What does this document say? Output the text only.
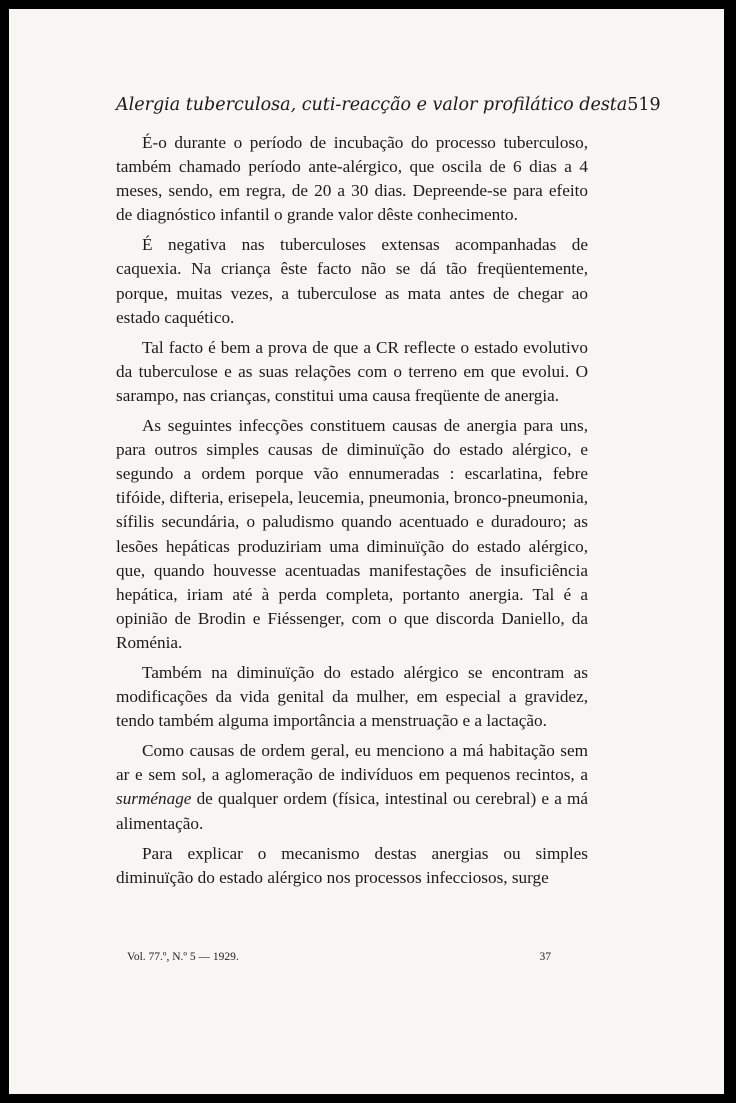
Alergia tuberculosa, cuti-reacção e valor profilático desta 519

É-o durante o período de incubação do processo tuberculoso, também chamado período ante-alérgico, que oscila de 6 dias a 4 meses, sendo, em regra, de 20 a 30 dias. Depreende-se para efeito de diagnóstico infantil o grande valor dêste conhecimento.

É negativa nas tuberculoses extensas acompanhadas de caquexia. Na criança êste facto não se dá tão freqüentemente, porque, muitas vezes, a tuberculose as mata antes de chegar ao estado caquético.

Tal facto é bem a prova de que a CR reflecte o estado evolutivo da tuberculose e as suas relações com o terreno em que evolui. O sarampo, nas crianças, constitui uma causa freqüente de anergia.

As seguintes infecções constituem causas de anergia para uns, para outros simples causas de diminuïção do estado alérgico, e segundo a ordem porque vão ennumeradas : escarlatina, febre tifóide, difteria, erisepela, leucemia, pneumonia, bronco-pneumonia, sífilis secundária, o paludismo quando acentuado e duradouro; as lesões hepáticas produziriam uma diminuïção do estado alérgico, que, quando houvesse acentuadas manifestações de insuficiência hepática, iriam até à perda completa, portanto anergia. Tal é a opinião de Brodin e Fiéssenger, com o que discorda Daniello, da Roménia.

Também na diminuïção do estado alérgico se encontram as modificações da vida genital da mulher, em especial a gravidez, tendo também alguma importância a menstruação e a lactação.

Como causas de ordem geral, eu menciono a má habitação sem ar e sem sol, a aglomeração de indivíduos em pequenos recintos, a surménage de qualquer ordem (física, intestinal ou cerebral) e a má alimentação.

Para explicar o mecanismo destas anergias ou simples diminuïção do estado alérgico nos processos infecciosos, surge

Vol. 77.º, N.º 5 — 1929.	37
